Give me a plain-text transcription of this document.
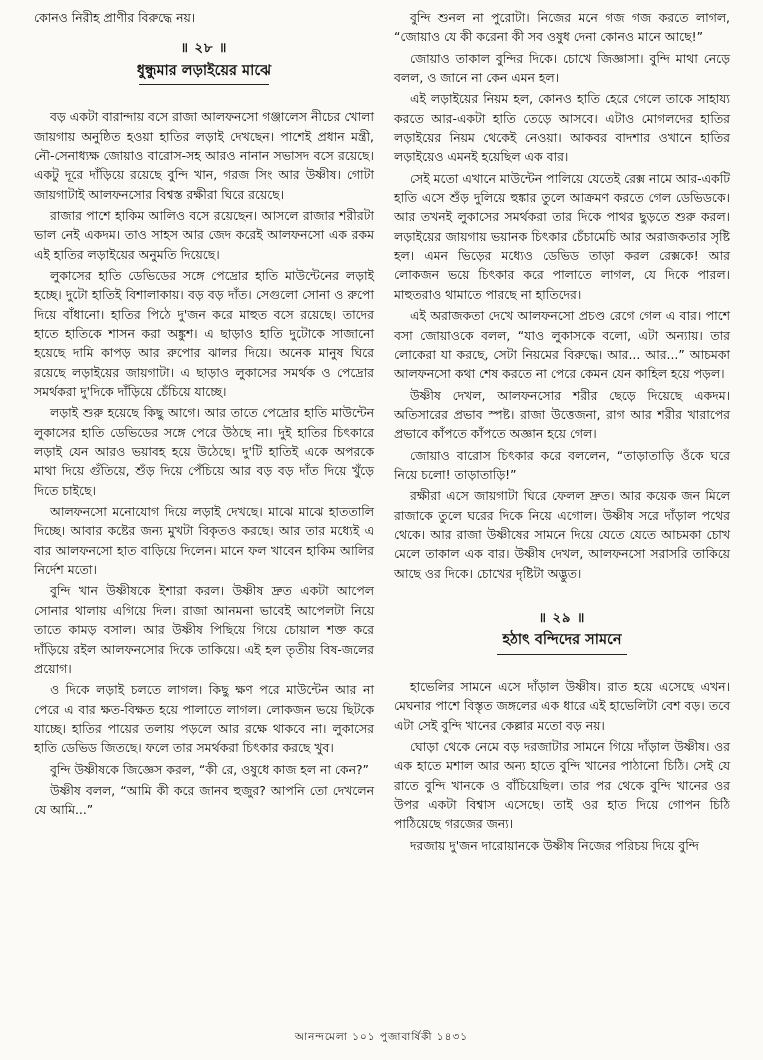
কোনও নিরীহ প্রাণীর বিরুদ্ধে নয়।

॥ ২৮ ॥
ধুন্ধুমার লড়াইয়ের মাঝে

বড় একটা বারান্দায় বসে রাজা আলফনসো গঞ্জালেস নীচের খোলা জায়গায় অনুষ্ঠিত হওয়া হাতির লড়াই দেখছেন। পাশেই প্রধান মন্ত্রী, নৌ-সেনাধ্যক্ষ জোয়াও বারোস-সহ আরও নানান সভাসদ বসে রয়েছে। একটু দূরে দাঁড়িয়ে রয়েছে বুন্দি খান, গরজ সিং আর উষ্ণীষ। গোটা জায়গাটাই আলফনসোর বিশ্বস্ত রক্ষীরা ঘিরে রয়েছে।

রাজার পাশে হাকিম আলিও বসে রয়েছেন। আসলে রাজার শরীরটা ভাল নেই একদম। তাও সাহস আর জেদ করেই আলফনসো এক রকম এই হাতির লড়াইয়ের অনুমতি দিয়েছে।

লুকাসের হাতি ডেভিডের সঙ্গে পেদ্রোর হাতি মাউন্টেনের লড়াই হচ্ছে। দুটো হাতিই বিশালাকায়। বড় বড় দাঁত। সেগুলো সোনা ও রুপো দিয়ে বাঁধানো। হাতির পিঠে দু'জন করে মাহুত বসে রয়েছে। তাদের হাতে হাতিকে শাসন করা অঙ্কুশ। এ ছাড়াও হাতি দুটোকে সাজানো হয়েছে দামি কাপড় আর রুপোর ঝালর দিয়ে। অনেক মানুষ ঘিরে রয়েছে লড়াইয়ের জায়গাটা। এ ছাড়াও লুকাসের সমর্থক ও পেদ্রোর সমর্থকরা দু'দিকে দাঁড়িয়ে চেঁচিয়ে যাচ্ছে।

লড়াই শুরু হয়েছে কিছু আগে। আর তাতে পেদ্রোর হাতি মাউন্টেন লুকাসের হাতি ডেভিডের সঙ্গে পেরে উঠছে না। দুই হাতির চিৎকারে লড়াই যেন আরও ভয়াবহ হয়ে উঠেছে। দু'টি হাতিই একে অপরকে মাথা দিয়ে গুঁতিয়ে, শুঁড় দিয়ে পেঁচিয়ে আর বড় বড় দাঁত দিয়ে খুঁড়ে দিতে চাইছে।

আলফনসো মনোযোগ দিয়ে লড়াই দেখছে। মাঝে মাঝে হাততালি দিচ্ছে। আবার কষ্টের জন্য মুখটা বিকৃতও করছে। আর তার মধ্যেই এ বার আলফনসো হাত বাড়িয়ে দিলেন। মানে ফল খাবেন হাকিম আলির নির্দেশ মতো।

বুন্দি খান উষ্ণীষকে ইশারা করল। উষ্ণীষ দ্রুত একটা আপেল সোনার থালায় এগিয়ে দিল। রাজা আনমনা ভাবেই আপেলটা নিয়ে তাতে কামড় বসাল। আর উষ্ণীষ পিছিয়ে গিয়ে চোয়াল শক্ত করে দাঁড়িয়ে রইল আলফনসোর দিকে তাকিয়ে। এই হল তৃতীয় বিষ-জলের প্রয়োগ।

ও দিকে লড়াই চলতে লাগল। কিছু ক্ষণ পরে মাউন্টেন আর না পেরে এ বার ক্ষত-বিক্ষত হয়ে পালাতে লাগল। লোকজন ভয়ে ছিটকে যাচ্ছে। হাতির পায়ের তলায় পড়লে আর রক্ষে থাকবে না। লুকাসের হাতি ডেভিড জিতছে। ফলে তার সমর্থকরা চিৎকার করছে খুব।

বুন্দি উষ্ণীষকে জিজ্ঞেস করল, “কী রে, ওষুধে কাজ হল না কেন?”

উষ্ণীষ বলল, “আমি কী করে জানব হুজুর? আপনি তো দেখলেন যে আমি...”

বুন্দি শুনল না পুরোটা। নিজের মনে গজ গজ করতে লাগল, “জোয়াও যে কী করেনা কী সব ওষুধ দেনা কোনও মানে আছে!”

জোয়াও তাকাল বুন্দির দিকে। চোখে জিজ্ঞাসা। বুন্দি মাথা নেড়ে বলল, ও জানে না কেন এমন হল।

এই লড়াইয়ের নিয়ম হল, কোনও হাতি হেরে গেলে তাকে সাহায্য করতে আর-একটা হাতি তেড়ে আসবে। এটাও মোগলদের হাতির লড়াইয়ের নিয়ম থেকেই নেওয়া। আকবর বাদশার ওখানে হাতির লড়াইয়েও এমনই হয়েছিল এক বার।

সেই মতো এখানে মাউন্টেন পালিয়ে যেতেই রেক্স নামে আর-একটি হাতি এসে শুঁড় দুলিয়ে হুঙ্কার তুলে আক্রমণ করতে গেল ডেভিডকে। আর তখনই লুকাসের সমর্থকরা তার দিকে পাথর ছুড়তে শুরু করল। লড়াইয়ের জায়গায় ভয়ানক চিৎকার চেঁচামেচি আর অরাজকতার সৃষ্টি হল। এমন ভিড়ের মধ্যেও ডেভিড তাড়া করল রেক্সকে! আর লোকজন ভয়ে চিৎকার করে পালাতে লাগল, যে দিকে পারল। মাহুতরাও থামাতে পারছে না হাতিদের।

এই অরাজকতা দেখে আলফনসো প্রচণ্ড রেগে গেল এ বার। পাশে বসা জোয়াওকে বলল, “যাও লুকাসকে বলো, এটা অন্যায়। তার লোকেরা যা করছে, সেটা নিয়মের বিরুদ্ধে। আর... আর...” আচমকা আলফনসো কথা শেষ করতে না পেরে কেমন যেন কাহিল হয়ে পড়ল।

উষ্ণীষ দেখল, আলফনসোর শরীর ছেড়ে দিয়েছে একদম। অতিসারের প্রভাব স্পষ্ট। রাজা উত্তেজনা, রাগ আর শরীর খারাপের প্রভাবে কাঁপতে কাঁপতে অজ্ঞান হয়ে গেল।

জোয়াও বারোস চিৎকার করে বললেন, “তাড়াতাড়ি ওঁকে ঘরে নিয়ে চলো! তাড়াতাড়ি!”

রক্ষীরা এসে জায়গাটা ঘিরে ফেলল দ্রুত। আর কয়েক জন মিলে রাজাকে তুলে ঘরের দিকে নিয়ে এগোল। উষ্ণীষ সরে দাঁড়াল পথের থেকে। আর রাজা উষ্ণীষের সামনে দিয়ে যেতে যেতে আচমকা চোখ মেলে তাকাল এক বার। উষ্ণীষ দেখল, আলফনসো সরাসরি তাকিয়ে আছে ওর দিকে। চোখের দৃষ্টিটা অদ্ভুত।

॥ ২৯ ॥
হঠাৎ বন্দিদের সামনে

হাভেলির সামনে এসে দাঁড়াল উষ্ণীষ। রাত হয়ে এসেছে এখন। মেঘনার পাশে বিস্তৃত জঙ্গলের এক ধারে এই হাভেলিটা বেশ বড়। তবে এটা সেই বুন্দি খানের কেল্লার মতো বড় নয়।

ঘোড়া থেকে নেমে বড় দরজাটার সামনে গিয়ে দাঁড়াল উষ্ণীষ। ওর এক হাতে মশাল আর অন্য হাতে বুন্দি খানের পাঠানো চিঠি। সেই যে রাতে বুন্দি খানকে ও বাঁচিয়েছিল। তার পর থেকে বুন্দি খানের ওর উপর একটা বিশ্বাস এসেছে। তাই ওর হাত দিয়ে গোপন চিঠি পাঠিয়েছে গরজের জন্য।

দরজায় দু'জন দারোয়ানকে উষ্ণীষ নিজের পরিচয় দিয়ে বুন্দি

আনন্দমেলা ১০১ পুজাবার্ষিকী ১৪৩১
